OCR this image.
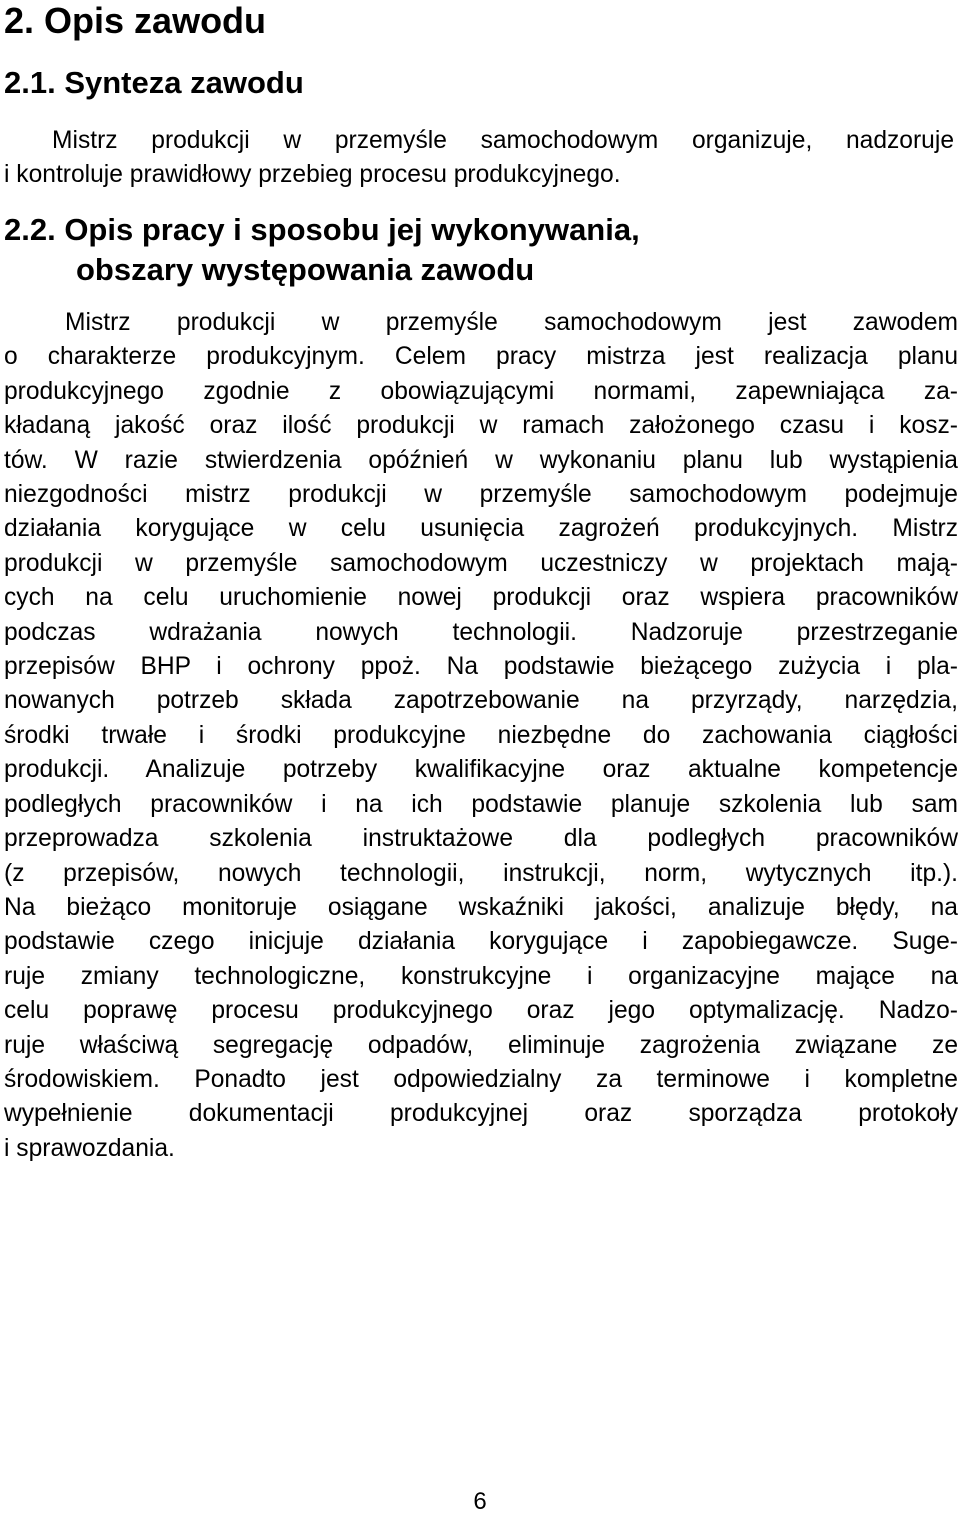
2. Opis zawodu
2.1. Synteza zawodu
Mistrz produkcji w przemyśle samochodowym organizuje, nadzoruje
i kontroluje prawidłowy przebieg procesu produkcyjnego.
2.2. Opis pracy i sposobu jej wykonywania,
obszary występowania zawodu
Mistrz produkcji w przemyśle samochodowym jest zawodem
o charakterze produkcyjnym. Celem pracy mistrza jest realizacja planu
produkcyjnego zgodnie z obowiązującymi normami, zapewniająca za-
kładaną jakość oraz ilość produkcji w ramach założonego czasu i kosz-
tów. W razie stwierdzenia opóźnień w wykonaniu planu lub wystąpienia
niezgodności mistrz produkcji w przemyśle samochodowym podejmuje
działania korygujące w celu usunięcia zagrożeń produkcyjnych. Mistrz
produkcji w przemyśle samochodowym uczestniczy w projektach mają-
cych na celu uruchomienie nowej produkcji oraz wspiera pracowników
podczas wdrażania nowych technologii. Nadzoruje przestrzeganie
przepisów BHP i ochrony ppoż. Na podstawie bieżącego zużycia i pla-
nowanych potrzeb składa zapotrzebowanie na przyrządy, narzędzia,
środki trwałe i środki produkcyjne niezbędne do zachowania ciągłości
produkcji. Analizuje potrzeby kwalifikacyjne oraz aktualne kompetencje
podległych pracowników i na ich podstawie planuje szkolenia lub sam
przeprowadza szkolenia instruktażowe dla podległych pracowników
(z przepisów, nowych technologii, instrukcji, norm, wytycznych itp.).
Na bieżąco monitoruje osiągane wskaźniki jakości, analizuje błędy, na
podstawie czego inicjuje działania korygujące i zapobiegawcze. Suge-
ruje zmiany technologiczne, konstrukcyjne i organizacyjne mające na
celu poprawę procesu produkcyjnego oraz jego optymalizację. Nadzo-
ruje właściwą segregację odpadów, eliminuje zagrożenia związane ze
środowiskiem. Ponadto jest odpowiedzialny za terminowe i kompletne
wypełnienie dokumentacji produkcyjnej oraz sporządza protokoły
i sprawozdania.
6
